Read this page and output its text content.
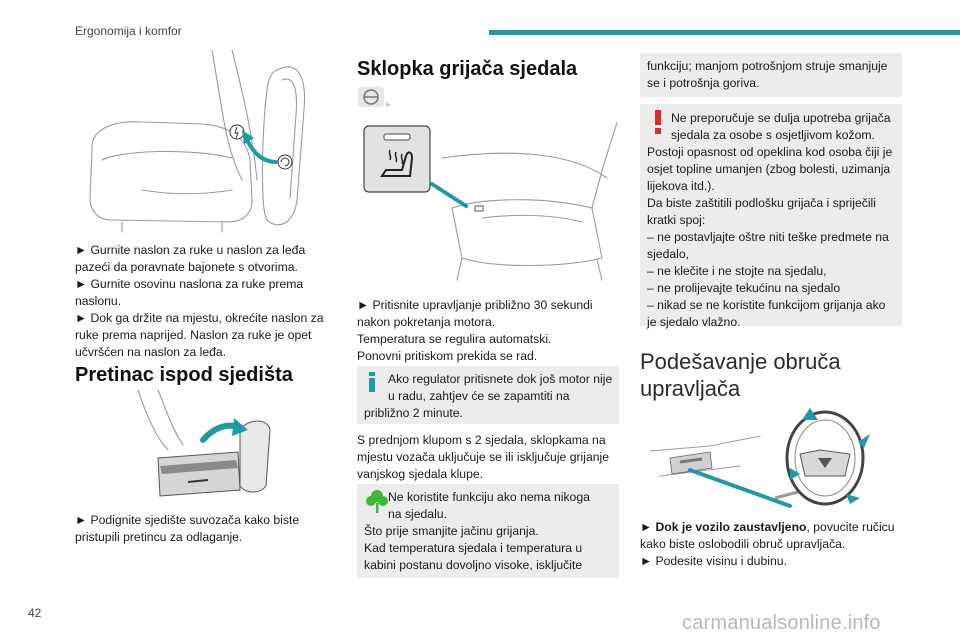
Ergonomija i komfor
► Gurnite naslon za ruke u naslon za leđa
pazeći da poravnate bajonete s otvorima.
► Gurnite osovinu naslona za ruke prema
naslonu.
► Dok ga držite na mjestu, okrećite naslon za
ruke prema naprijed. Naslon za ruke je opet
učvršćen na naslon za leđa.
Pretinac ispod sjedišta
► Podignite sjedište suvozača kako biste
pristupili pretincu za odlaganje.
Sklopka grijača sjedala
► Pritisnite upravljanje približno 30 sekundi
nakon pokretanja motora.
Temperatura se regulira automatski.
Ponovni pritiskom prekida se rad.
Ako regulator pritisnete dok još motor nije
u radu, zahtjev će se zapamtiti na
približno 2 minute.
S prednjom klupom s 2 sjedala, sklopkama na
mjestu vozača uključuje se ili isključuje grijanje
vanjskog sjedala klupe.
Ne koristite funkciju ako nema nikoga
na sjedalu.
Što prije smanjite jačinu grijanja.
Kad temperatura sjedala i temperatura u
kabini postanu dovoljno visoke, isključite
funkciju; manjom potrošnjom struje smanjuje
se i potrošnja goriva.
Ne preporučuje se dulja upotreba grijača
sjedala za osobe s osjetljivom kožom.
Postoji opasnost od opeklina kod osoba čiji je
osjet topline umanjen (zbog bolesti, uzimanja
lijekova itd.).
Da biste zaštitili podlošku grijača i spriječili
kratki spoj:
– ne postavljajte oštre niti teške predmete na
sjedalo,
– ne klečite i ne stojte na sjedalu,
– ne prolijevajte tekućinu na sjedalo
– nikad se ne koristite funkcijom grijanja ako
je sjedalo vlažno.
Podešavanje obruča
upravljača
► Dok je vozilo zaustavljeno, povucite ručicu
kako biste oslobodili obruč upravljača.
► Podesite visinu i dubinu.
42	carmanualsonline.info
